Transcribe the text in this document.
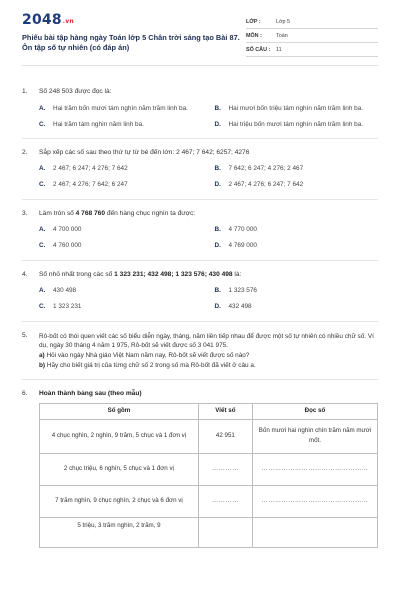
2048.vn
Phiếu bài tập hàng ngày Toán lớp 5 Chân trời sáng tạo Bài 87. Ôn tập số tự nhiên (có đáp án)
LỚP :	Lớp 5
MÔN :	Toán
SỐ CÂU :	11
1.	Số 248 503 được đọc là:
A.	Hai trăm bốn mươi tám nghìn năm trăm linh ba.	B.	Hai mươi bốn triệu tám nghìn năm trăm linh ba.
C.	Hai trăm tám nghìn năm linh ba.	D.	Hai triệu bốn mươi tám nghìn năm trăm linh ba.
2.	Sắp xếp các số sau theo thứ tự từ bé đến lớn: 2 467; 7 642; 6257; 4276
A.	2 467; 6 247; 4 276; 7 642	B.	7 642; 6 247; 4 276; 2 467
C.	2 467; 4 276; 7 642; 6 247	D.	2 467; 4 276; 6 247; 7 642
3.	Làm tròn số 4 768 760 đến hàng chục nghìn ta được:
A.	4 700 000	B.	4 770 000
C.	4 760 000	D.	4 769 000
4.	Số nhỏ nhất trong các số 1 323 231; 432 498; 1 323 576; 430 498 là:
A.	430 498	B.	1 323 576
C.	1 323 231	D.	432 498
5.	Rô-bốt có thói quen viết các số biểu diễn ngày, tháng, năm liền tiếp nhau để được một số tự nhiên có nhiều chữ số. Ví dụ, ngày 30 tháng 4 năm 1 975, Rô-bốt sẽ viết được số 3 041 975.
a) Hỏi vào ngày Nhà giáo Việt Nam năm nay, Rô-bốt sẽ viết được số nào?
b) Hãy cho biết giá trị của từng chữ số 2 trong số mà Rô-bốt đã viết ở câu a.
6.	Hoàn thành bảng sau (theo mẫu)
Số gồm	Viết số	Đọc số
4 chục nghìn, 2 nghìn, 9 trăm, 5 chục và 1 đơn vị	42 951	Bốn mươi hai nghìn chín trăm năm mươi mốt.
2 chục triệu, 6 nghìn, 5 chục và 1 đơn vị	…………	…………………………………………
7 trăm nghìn, 9 chục nghìn, 2 chục và 6 đơn vị	…………	…………………………………………
5 triệu, 3 trăm nghìn, 2 trăm, 9		
